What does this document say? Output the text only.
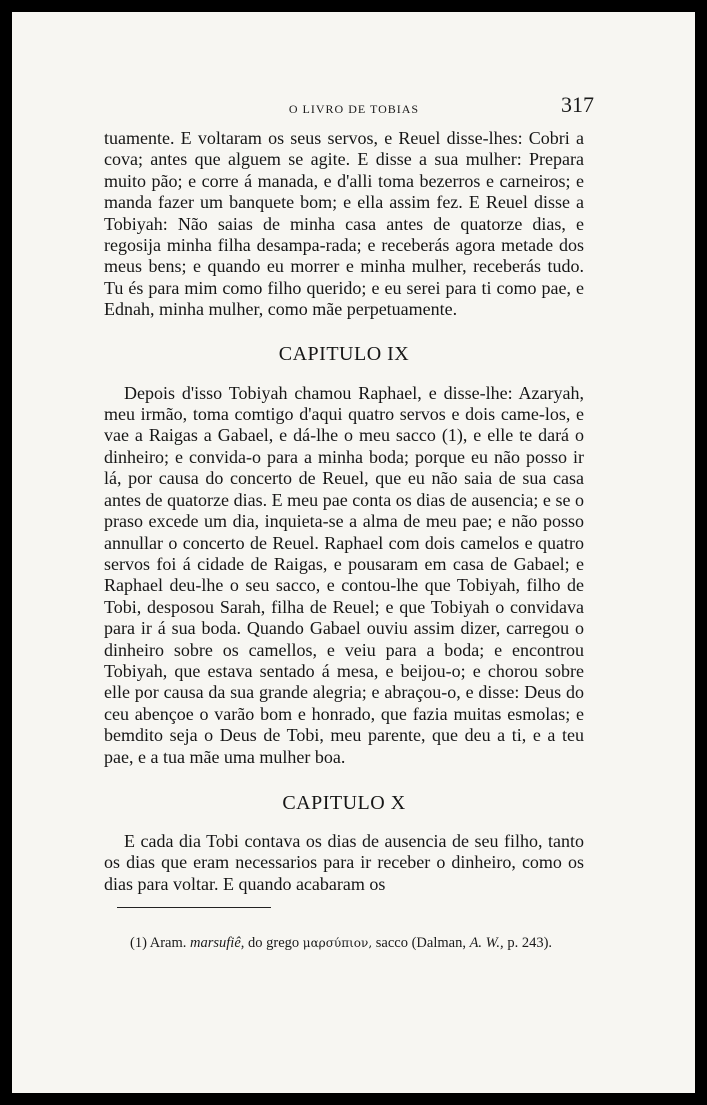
O LIVRO DE TOBIAS	317

tuamente. E voltaram os seus servos, e Reuel disse-lhes: Cobri a cova; antes que alguem se agite. E disse a sua mulher: Prepara muito pão; e corre á manada, e d'alli toma bezerros e carneiros; e manda fazer um banquete bom; e ella assim fez. E Reuel disse a Tobiyah: Não saias de minha casa antes de quatorze dias, e regosija minha filha desampa-rada; e receberás agora metade dos meus bens; e quando eu morrer e minha mulher, receberás tudo. Tu és para mim como filho querido; e eu serei para ti como pae, e Ednah, minha mulher, como mãe perpetuamente.

CAPITULO IX

Depois d'isso Tobiyah chamou Raphael, e disse-lhe: Azaryah, meu irmão, toma comtigo d'aqui quatro servos e dois came-los, e vae a Raigas a Gabael, e dá-lhe o meu sacco (1), e elle te dará o dinheiro; e convida-o para a minha boda; porque eu não posso ir lá, por causa do concerto de Reuel, que eu não saia de sua casa antes de quatorze dias. E meu pae conta os dias de ausencia; e se o praso excede um dia, inquieta-se a alma de meu pae; e não posso annullar o concerto de Reuel. Raphael com dois camelos e quatro servos foi á cidade de Raigas, e pousaram em casa de Gabael; e Raphael deu-lhe o seu sacco, e contou-lhe que Tobiyah, filho de Tobi, desposou Sarah, filha de Reuel; e que Tobiyah o convidava para ir á sua boda. Quando Gabael ouviu assim dizer, carregou o dinheiro sobre os camellos, e veiu para a boda; e encontrou Tobiyah, que estava sentado á mesa, e beijou-o; e chorou sobre elle por causa da sua grande alegria; e abraçou-o, e disse: Deus do ceu abençoe o varão bom e honrado, que fazia muitas esmolas; e bemdito seja o Deus de Tobi, meu parente, que deu a ti, e a teu pae, e a tua mãe uma mulher boa.

CAPITULO X

E cada dia Tobi contava os dias de ausencia de seu filho, tanto os dias que eram necessarios para ir receber o dinheiro, como os dias para voltar. E quando acabaram os

(1) Aram. marsufiê, do grego μαρσύπιον, sacco (Dalman, A. W., p. 243).
